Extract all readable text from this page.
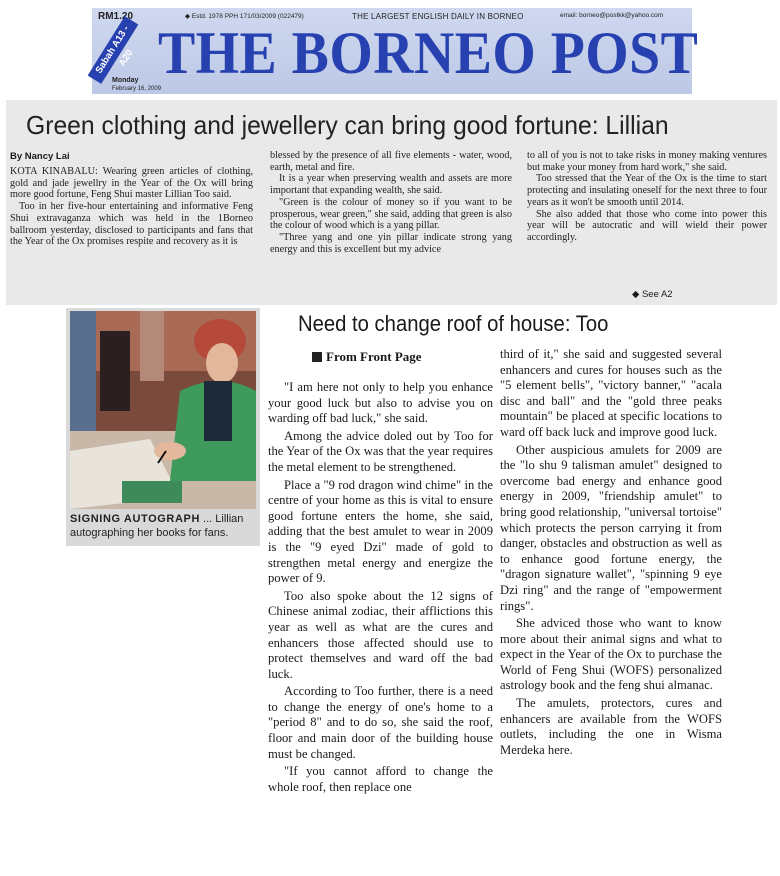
RM1.20	◆ Estd. 1978 PPH 171/03/2009 (022479)	THE LARGEST ENGLISH DAILY IN BORNEO	email: borneo@postkk@yahoo.com
THE BORNEO POST
Sabah A13 - A20
Monday
February 16, 2009
Green clothing and jewellery can bring good fortune: Lillian
By Nancy Lai

KOTA KINABALU: Wearing green articles of clothing, gold and jade jewellry in the Year of the Ox will bring more good fortune, Feng Shui master Lillian Too said.

Too in her five-hour entertaining and informative Feng Shui extravaganza which was held in the 1Borneo ballroom yesterday, disclosed to participants and fans that the Year of the Ox promises respite and recovery as it is

blessed by the presence of all five elements - water, wood, earth, metal and fire.

It is a year when preserving wealth and assets are more important that expanding wealth, she said.

"Green is the colour of money so if you want to be prosperous, wear green," she said, adding that green is also the colour of wood which is a yang pillar.

"Three yang and one yin pillar indicate strong yang energy and this is excellent but my advice

to all of you is not to take risks in money making ventures but make your money from hard work," she said.

Too stressed that the Year of the Ox is the time to start protecting and insulating oneself for the next three to four years as it won't be smooth until 2014.

She also added that those who come into power this year will be autocratic and will wield their power accordingly.

◆ See A2
SIGNING AUTOGRAPH ... Lillian autographing her books for fans.
Need to change roof of house: Too
From Front Page

"I am here not only to help you enhance your good luck but also to advise you on warding off bad luck," she said.

Among the advice doled out by Too for the Year of the Ox was that the year requires the metal element to be strengthened.

Place a "9 rod dragon wind chime" in the centre of your home as this is vital to ensure good fortune enters the home, she said, adding that the best amulet to wear in 2009 is the "9 eyed Dzi" made of gold to strengthen metal energy and energize the power of 9.

Too also spoke about the 12 signs of Chinese animal zodiac, their afflictions this year as well as what are the cures and enhancers those affected should use to protect themselves and ward off the bad luck.

According to Too further, there is a need to change the energy of one's home to a "period 8" and to do so, she said the roof, floor and main door of the building house must be changed.

"If you cannot afford to change the whole roof, then replace one

third of it," she said and suggested several enhancers and cures for houses such as the "5 element bells", "victory banner," "acala disc and ball" and the "gold three peaks mountain" be placed at specific locations to ward off back luck and improve good luck.

Other auspicious amulets for 2009 are the "lo shu 9 talisman amulet" designed to overcome bad energy and enhance good energy in 2009, "friendship amulet" to bring good relationship, "universal tortoise" which protects the person carrying it from danger, obstacles and obstruction as well as to enhance good fortune energy, the "dragon signature wallet", "spinning 9 eye Dzi ring" and the range of "empowerment rings".

She adviced those who want to know more about their animal signs and what to expect in the Year of the Ox to purchase the World of Feng Shui (WOFS) personalized astrology book and the feng shui almanac.

The amulets, protectors, cures and enhancers are available from the WOFS outlets, including the one in Wisma Merdeka here.
